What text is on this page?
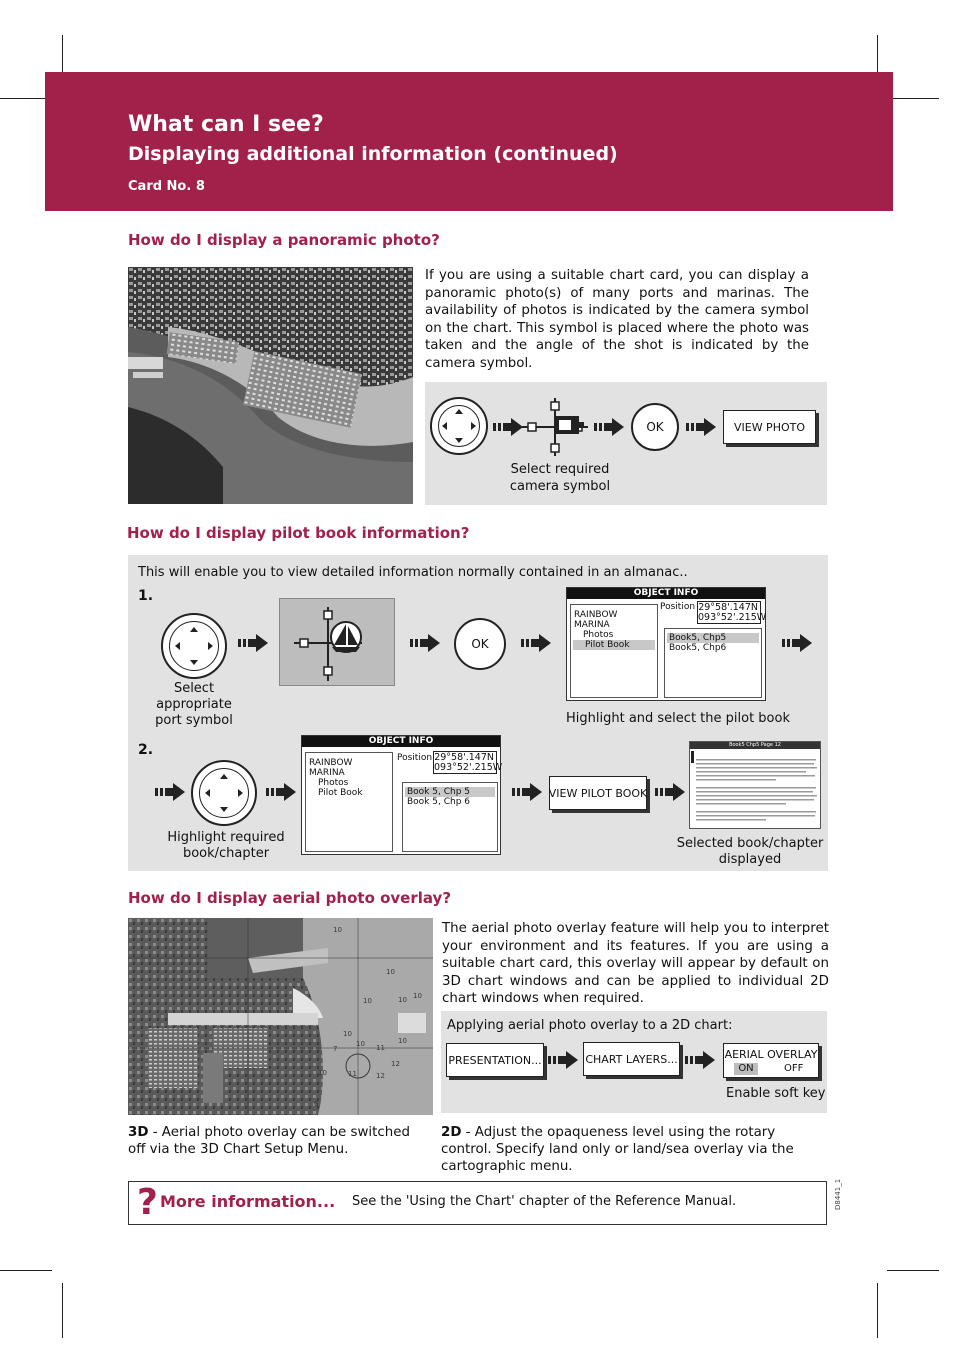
What can I see?
Displaying additional information (continued)
Card No. 8
How do I display a panoramic photo?
If you are using a suitable chart card, you can display a panoramic photo(s) of many ports and marinas. The availability of photos is indicated by the camera symbol on the chart. This symbol is placed where the photo was taken and the angle of the shot is indicated by the camera symbol.
OK	VIEW PHOTO
Select required camera symbol
How do I display pilot book information?
This will enable you to view detailed information normally contained in an almanac..
1.
Select appropriate port symbol
OK
OBJECT INFO
RAINBOW MARINA
Photos
Pilot Book
Position 29°58'.147N
093°52'.215W
Book5, Chp5
Book5, Chp6
Highlight and select the pilot book
2.
Highlight required book/chapter
OBJECT INFO
RAINBOW MARINA
Photos
Pilot Book
Position 29°58'.147N
093°52'.215W
Book 5, Chp 5
Book 5, Chp 6
VIEW PILOT BOOK
Book5 Chp5 Page 12
Selected book/chapter displayed
How do I display aerial photo overlay?
10
10 10
10
10
10 11
7
12
10
12
11
10
10
6
The aerial photo overlay feature will help you to interpret your environment and its features. If you are using a suitable chart card, this overlay will appear by default on 3D chart windows and can be applied to individual 2D chart windows when required.
Applying aerial photo overlay to a 2D chart:
PRESENTATION...	CHART LAYERS...	AERIAL OVERLAY
ON	OFF
Enable soft key
3D - Aerial photo overlay can be switched off via the 3D Chart Setup Menu.
2D - Adjust the opaqueness level using the rotary control. Specify land only or land/sea overlay via the cartographic menu.
? More information... See the 'Using the Chart' chapter of the Reference Manual.	D8441_1
